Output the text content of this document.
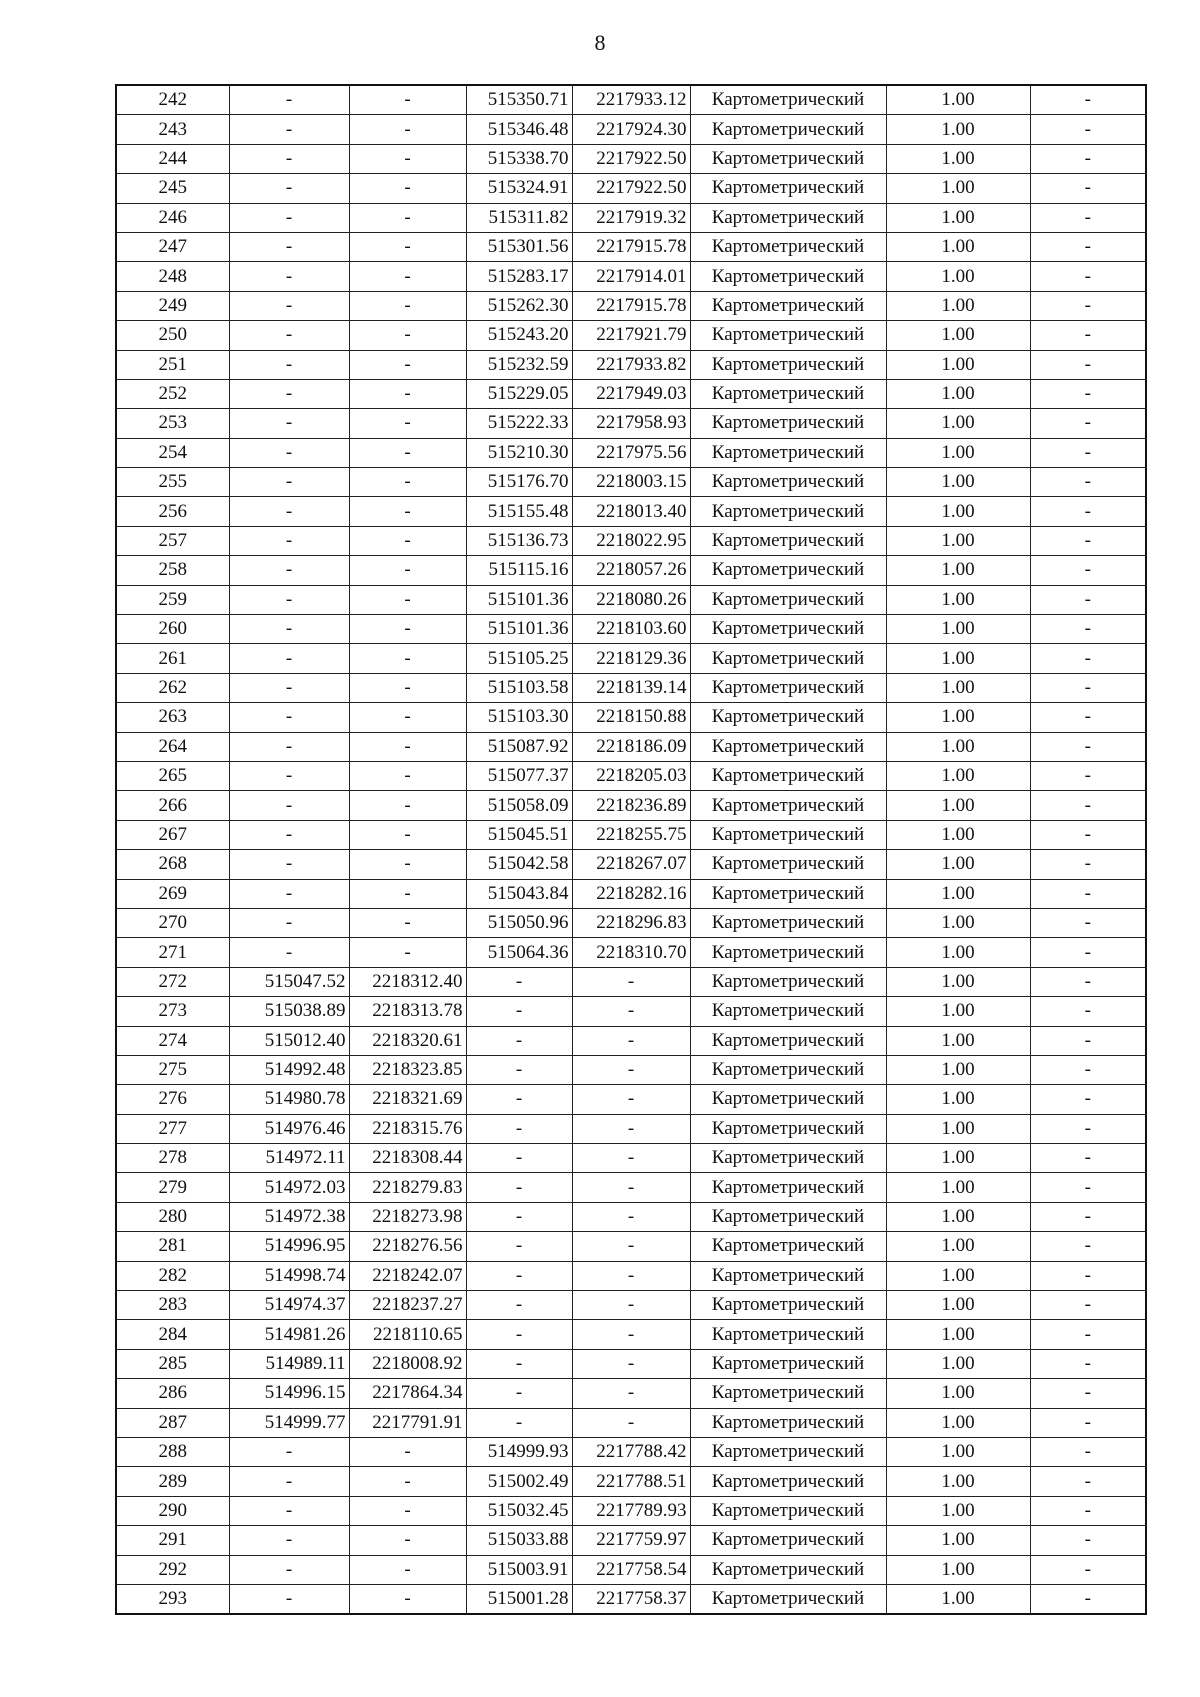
8
242	-	-	515350.71	2217933.12	Картометрический	1.00	-
243	-	-	515346.48	2217924.30	Картометрический	1.00	-
244	-	-	515338.70	2217922.50	Картометрический	1.00	-
245	-	-	515324.91	2217922.50	Картометрический	1.00	-
246	-	-	515311.82	2217919.32	Картометрический	1.00	-
247	-	-	515301.56	2217915.78	Картометрический	1.00	-
248	-	-	515283.17	2217914.01	Картометрический	1.00	-
249	-	-	515262.30	2217915.78	Картометрический	1.00	-
250	-	-	515243.20	2217921.79	Картометрический	1.00	-
251	-	-	515232.59	2217933.82	Картометрический	1.00	-
252	-	-	515229.05	2217949.03	Картометрический	1.00	-
253	-	-	515222.33	2217958.93	Картометрический	1.00	-
254	-	-	515210.30	2217975.56	Картометрический	1.00	-
255	-	-	515176.70	2218003.15	Картометрический	1.00	-
256	-	-	515155.48	2218013.40	Картометрический	1.00	-
257	-	-	515136.73	2218022.95	Картометрический	1.00	-
258	-	-	515115.16	2218057.26	Картометрический	1.00	-
259	-	-	515101.36	2218080.26	Картометрический	1.00	-
260	-	-	515101.36	2218103.60	Картометрический	1.00	-
261	-	-	515105.25	2218129.36	Картометрический	1.00	-
262	-	-	515103.58	2218139.14	Картометрический	1.00	-
263	-	-	515103.30	2218150.88	Картометрический	1.00	-
264	-	-	515087.92	2218186.09	Картометрический	1.00	-
265	-	-	515077.37	2218205.03	Картометрический	1.00	-
266	-	-	515058.09	2218236.89	Картометрический	1.00	-
267	-	-	515045.51	2218255.75	Картометрический	1.00	-
268	-	-	515042.58	2218267.07	Картометрический	1.00	-
269	-	-	515043.84	2218282.16	Картометрический	1.00	-
270	-	-	515050.96	2218296.83	Картометрический	1.00	-
271	-	-	515064.36	2218310.70	Картометрический	1.00	-
272	515047.52	2218312.40	-	-	Картометрический	1.00	-
273	515038.89	2218313.78	-	-	Картометрический	1.00	-
274	515012.40	2218320.61	-	-	Картометрический	1.00	-
275	514992.48	2218323.85	-	-	Картометрический	1.00	-
276	514980.78	2218321.69	-	-	Картометрический	1.00	-
277	514976.46	2218315.76	-	-	Картометрический	1.00	-
278	514972.11	2218308.44	-	-	Картометрический	1.00	-
279	514972.03	2218279.83	-	-	Картометрический	1.00	-
280	514972.38	2218273.98	-	-	Картометрический	1.00	-
281	514996.95	2218276.56	-	-	Картометрический	1.00	-
282	514998.74	2218242.07	-	-	Картометрический	1.00	-
283	514974.37	2218237.27	-	-	Картометрический	1.00	-
284	514981.26	2218110.65	-	-	Картометрический	1.00	-
285	514989.11	2218008.92	-	-	Картометрический	1.00	-
286	514996.15	2217864.34	-	-	Картометрический	1.00	-
287	514999.77	2217791.91	-	-	Картометрический	1.00	-
288	-	-	514999.93	2217788.42	Картометрический	1.00	-
289	-	-	515002.49	2217788.51	Картометрический	1.00	-
290	-	-	515032.45	2217789.93	Картометрический	1.00	-
291	-	-	515033.88	2217759.97	Картометрический	1.00	-
292	-	-	515003.91	2217758.54	Картометрический	1.00	-
293	-	-	515001.28	2217758.37	Картометрический	1.00	-
